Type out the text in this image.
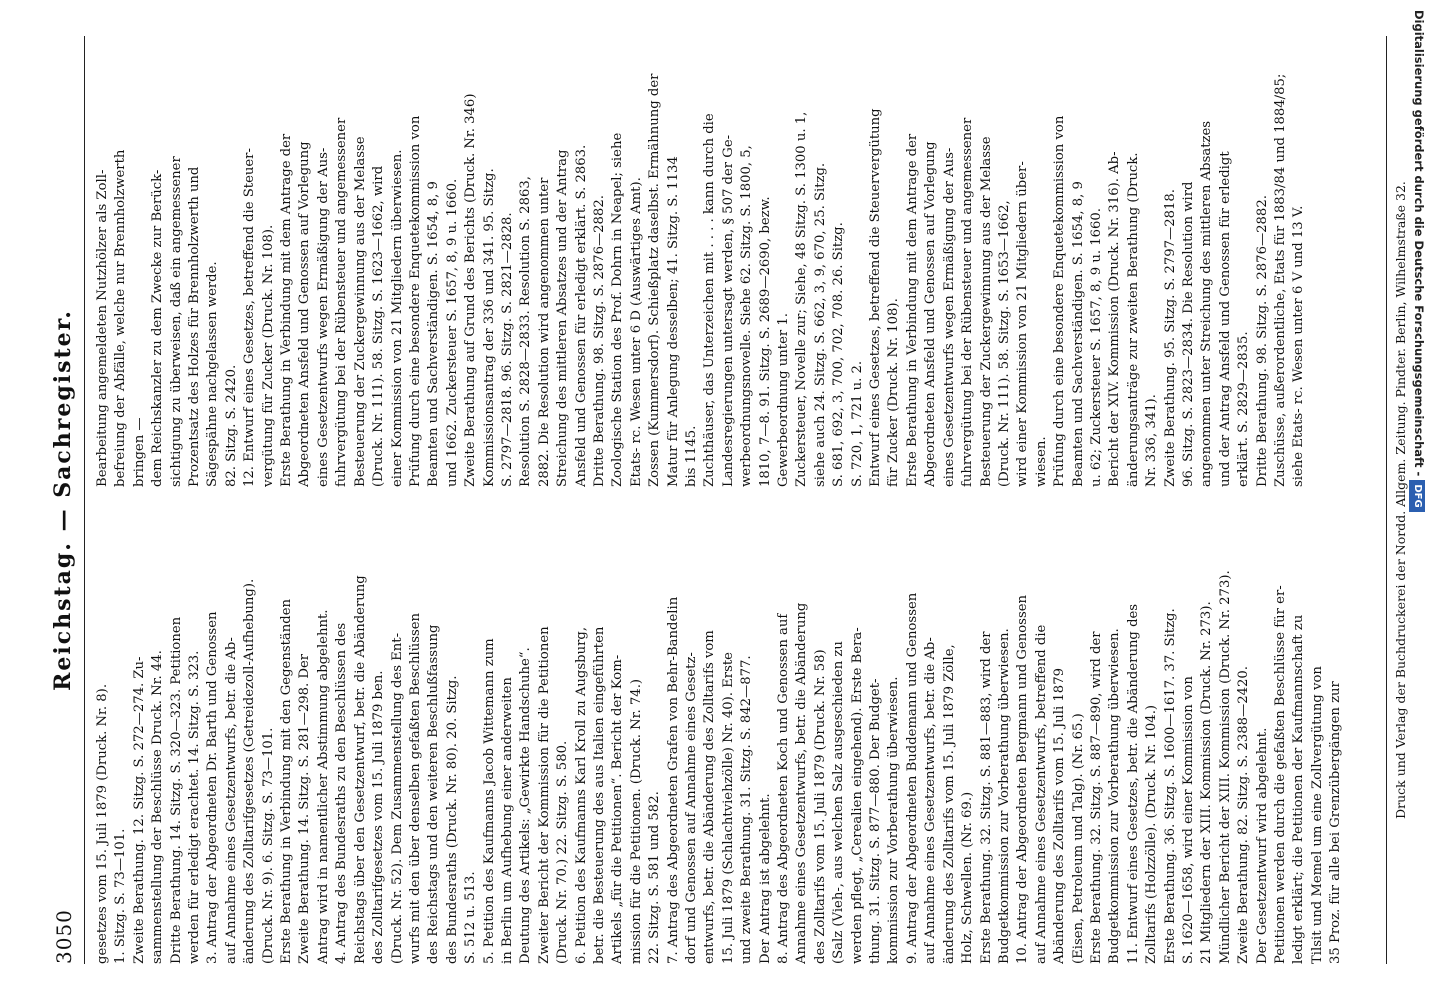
3050
Reichstag. — Sachregister.

gesetzes vom 15. Juli 1879 (Druck. Nr. 8). 1. Sitzg. S. 73—101. Zweite Berathung. 12. Sitzg. S. 272—274. Zu- sammenstellung der Beschlüsse Druck. Nr. 44. Dritte Berathung. 14. Sitzg. S. 320—323. Petitionen werden für erledigt erachtet. 14. Sitzg. S. 323. 3. Antrag der Abgeordneten Dr. Barth und Genossen auf Annahme eines Gesetzentwurfs, betr. die Ab- änderung des Zolltarifgesetzes (Getreidezoll-Aufhebung). (Druck. Nr. 9). 6. Sitzg. S. 73—101. Erste Berathung in Verbindung mit den Gegenständen Zweite Berathung. 14. Sitzg. S. 281—298. Der Antrag wird in namentlicher Abstimmung abgelehnt. 4. Antrag des Bundesraths zu den Beschlüssen des Reichstags über den Gesetzentwurf, betr. die Abänderung des Zolltarifgesetzes vom 15. Juli 1879 ben. (Druck. Nr. 52). Dem Zusammenstellung des Ent- wurfs mit den über denselben gefaßten Beschlüssen des Reichstags und den weiteren Beschlußfassung des Bundesraths (Druck. Nr. 80). 20. Sitzg. S. 512 u. 513. 5. Petition des Kaufmanns Jacob Wittemann zum in Berlin um Aufhebung einer anderweiten Deutung des Artikels: „Gewirkte Handschuhe“. Zweiter Bericht der Kommission für die Petitionen (Druck. Nr. 70.) 22. Sitzg. S. 580. 6. Petition des Kaufmanns Karl Kroll zu Augsburg, betr. die Besteuerung des aus Italien eingeführten Artikels „für die Petitionen“. Bericht der Kom- mission für die Petitionen. (Druck. Nr. 74.) 22. Sitzg. S. 581 und 582. 7. Antrag des Abgeordneten Grafen von Behr-Bandelin dorf und Genossen auf Annahme eines Gesetz- entwurfs, betr. die Abänderung des Zolltarifs vom 15. Juli 1879 (Schlachtviehzölle) Nr. 40). Erste und zweite Berathung. 31. Sitzg. S. 842—877. Der Antrag ist abgelehnt. 8. Antrag des Abgeordneten Koch und Genossen auf Annahme eines Gesetzentwurfs, betr. die Abänderung des Zolltarifs vom 15. Juli 1879 (Druck. Nr. 58) (Salz (Vieh-, aus welchen Salz ausgeschieden zu werden pflegt, „Cerealien eingehend). Erste Bera- thung. 31. Sitzg. S. 877—880. Der Budget- kommission zur Vorberathung überwiesen. 9. Antrag der Abgeordneten Buddemann und Genossen auf Annahme eines Gesetzentwurfs, betr. die Ab- änderung des Zolltarifs vom 15. Juli 1879 Zölle, Holz, Schwellen. (Nr. 69.) Erste Berathung. 32. Sitzg. S. 881—883, wird der Budgetkommission zur Vorberathung überwiesen. 10. Antrag der Abgeordneten Bergmann und Genossen auf Annahme eines Gesetzentwurfs, betreffend die Abänderung des Zolltarifs vom 15. Juli 1879 (Eisen, Petroleum und Talg). (Nr. 65.) Erste Berathung. 32. Sitzg. S. 887—890, wird der Budgetkommission zur Vorberathung überwiesen. 11. Entwurf eines Gesetzes, betr. die Abänderung des Zolltarifs (Holzzölle). (Druck. Nr. 104.) Erste Berathung. 36. Sitzg. S. 1600—1617. 37. Sitzg. S. 1620—1658, wird einer Kommission von 21 Mitgliedern der XIII. Kommission (Druck. Nr. 273). Mündlicher Bericht der XIII. Kommission (Druck. Nr. 273). Zweite Berathung. 82. Sitzg. S. 2388—2420. Der Gesetzentwurf wird abgelehnt. Petitionen werden durch die gefaßten Beschlüsse für er- ledigt erklärt; die Petitionen der Kaufmannschaft zu Tilsit und Memel um eine Zollvergütung von 35 Proz. für alle bei Grenzübergängen zur

Bearbeitung angemeldeten Nutzhölzer als Zoll- befreiung der Abfälle, welche nur Brennholzwerth bringen — dem Reichskanzler zu dem Zwecke zur Berück- sichtigung zu überweisen, daß ein angemessener Prozentsatz des Holzes für Brennholzwerth und Sägespähne nachgelassen werde. 82. Sitzg. S. 2420. 12. Entwurf eines Gesetzes, betreffend die Steuer- vergütung für Zucker (Druck. Nr. 108). Erste Berathung in Verbindung mit dem Antrage der Abgeordneten Ansfeld und Genossen auf Vorlegung eines Gesetzentwurfs wegen Ermäßigung der Aus- fuhrvergütung bei der Rübensteuer und angemessener Besteuerung der Zuckergewinnung aus der Melasse (Druck. Nr. 111). 58. Sitzg. S. 1623—1662, wird einer Kommission von 21 Mitgliedern überwiesen. Prüfung durch eine besondere Enquetekommission von Beamten und Sachverständigen. S. 1654, 8, 9 und 1662. Zuckersteuer S. 1657, 8, 9 u. 1660. Zweite Berathung auf Grund des Berichts (Druck. Nr. 346) Kommissionsantrag der 336 und 341. 95. Sitzg. S. 2797—2818. 96. Sitzg. S. 2821—2828. Resolution S. 2828—2833. Resolution S. 2863, 2882. Die Resolution wird angenommen unter Streichung des mittleren Absatzes und der Antrag Ansfeld und Genossen für erledigt erklärt. S. 2863. Dritte Berathung. 98. Sitzg. S. 2876—2882. Zoologische Station des Prof. Dohrn in Neapel; siehe Etats- rc. Wesen unter 6 D (Auswärtiges Amt). Zossen (Kummersdorf). Schießplatz daselbst. Ermähnung der Matur für Anlegung desselben; 41. Sitzg. S. 1134 bis 1145. Zuchthäuser, das Unterzeichen mit . . . . kann durch die Landesregierungen untersagt werden, § 507 der Ge- werbeordnungsnovelle. Siehe 62. Sitzg. S. 1800, 5, 1810, 7—8. 91. Sitzg. S. 2689—2690, bezw. Gewerbeordnung unter 1. Zuckersteuer, Novelle zur; Siehe, 48 Sitzg. S. 1300 u. 1, siehe auch 24. Sitzg. S. 662, 3, 9, 670, 25. Sitzg. S. 681, 692, 3, 700, 702, 708. 26. Sitzg. S. 720, 1, 721 u. 2. Entwurf eines Gesetzes, betreffend die Steuervergütung für Zucker (Druck. Nr. 108). Erste Berathung in Verbindung mit dem Antrage der Abgeordneten Ansfeld und Genossen auf Vorlegung eines Gesetzentwurfs wegen Ermäßigung der Aus- fuhrvergütung bei der Rübensteuer und angemessener Besteuerung der Zuckergewinnung aus der Melasse (Druck. Nr. 111). 58. Sitzg. S. 1653—1662, wird einer Kommission von 21 Mitgliedern über- wiesen. Prüfung durch eine besondere Enquetekommission von Beamten und Sachverständigen. S. 1654, 8, 9 u. 62; Zuckersteuer S. 1657, 8, 9 u. 1660. Bericht der XIV. Kommission (Druck. Nr. 316). Ab- änderungsanträge zur zweiten Berathung (Druck. Nr. 336, 341). Zweite Berathung. 95. Sitzg. S. 2797—2818. 96. Sitzg. S. 2823—2834. Die Resolution wird angenommen unter Streichung des mittleren Absatzes und der Antrag Ansfeld und Genossen für erledigt erklärt. S. 2829—2835. Dritte Berathung. 98. Sitzg. S. 2876—2882. Zuschüsse, außerordentliche, Etats für 1883/84 und 1884/85; siehe Etats- rc. Wesen unter 6 V und 13 V.	Druck und Verlag der Buchdruckerei der Nordd. Allgem. Zeitung. Pindter. Berlin, Wilhelmstraße 32. Digitalisierung gefördert durch die Deutsche Forschungsgemeinschaft -DFG
